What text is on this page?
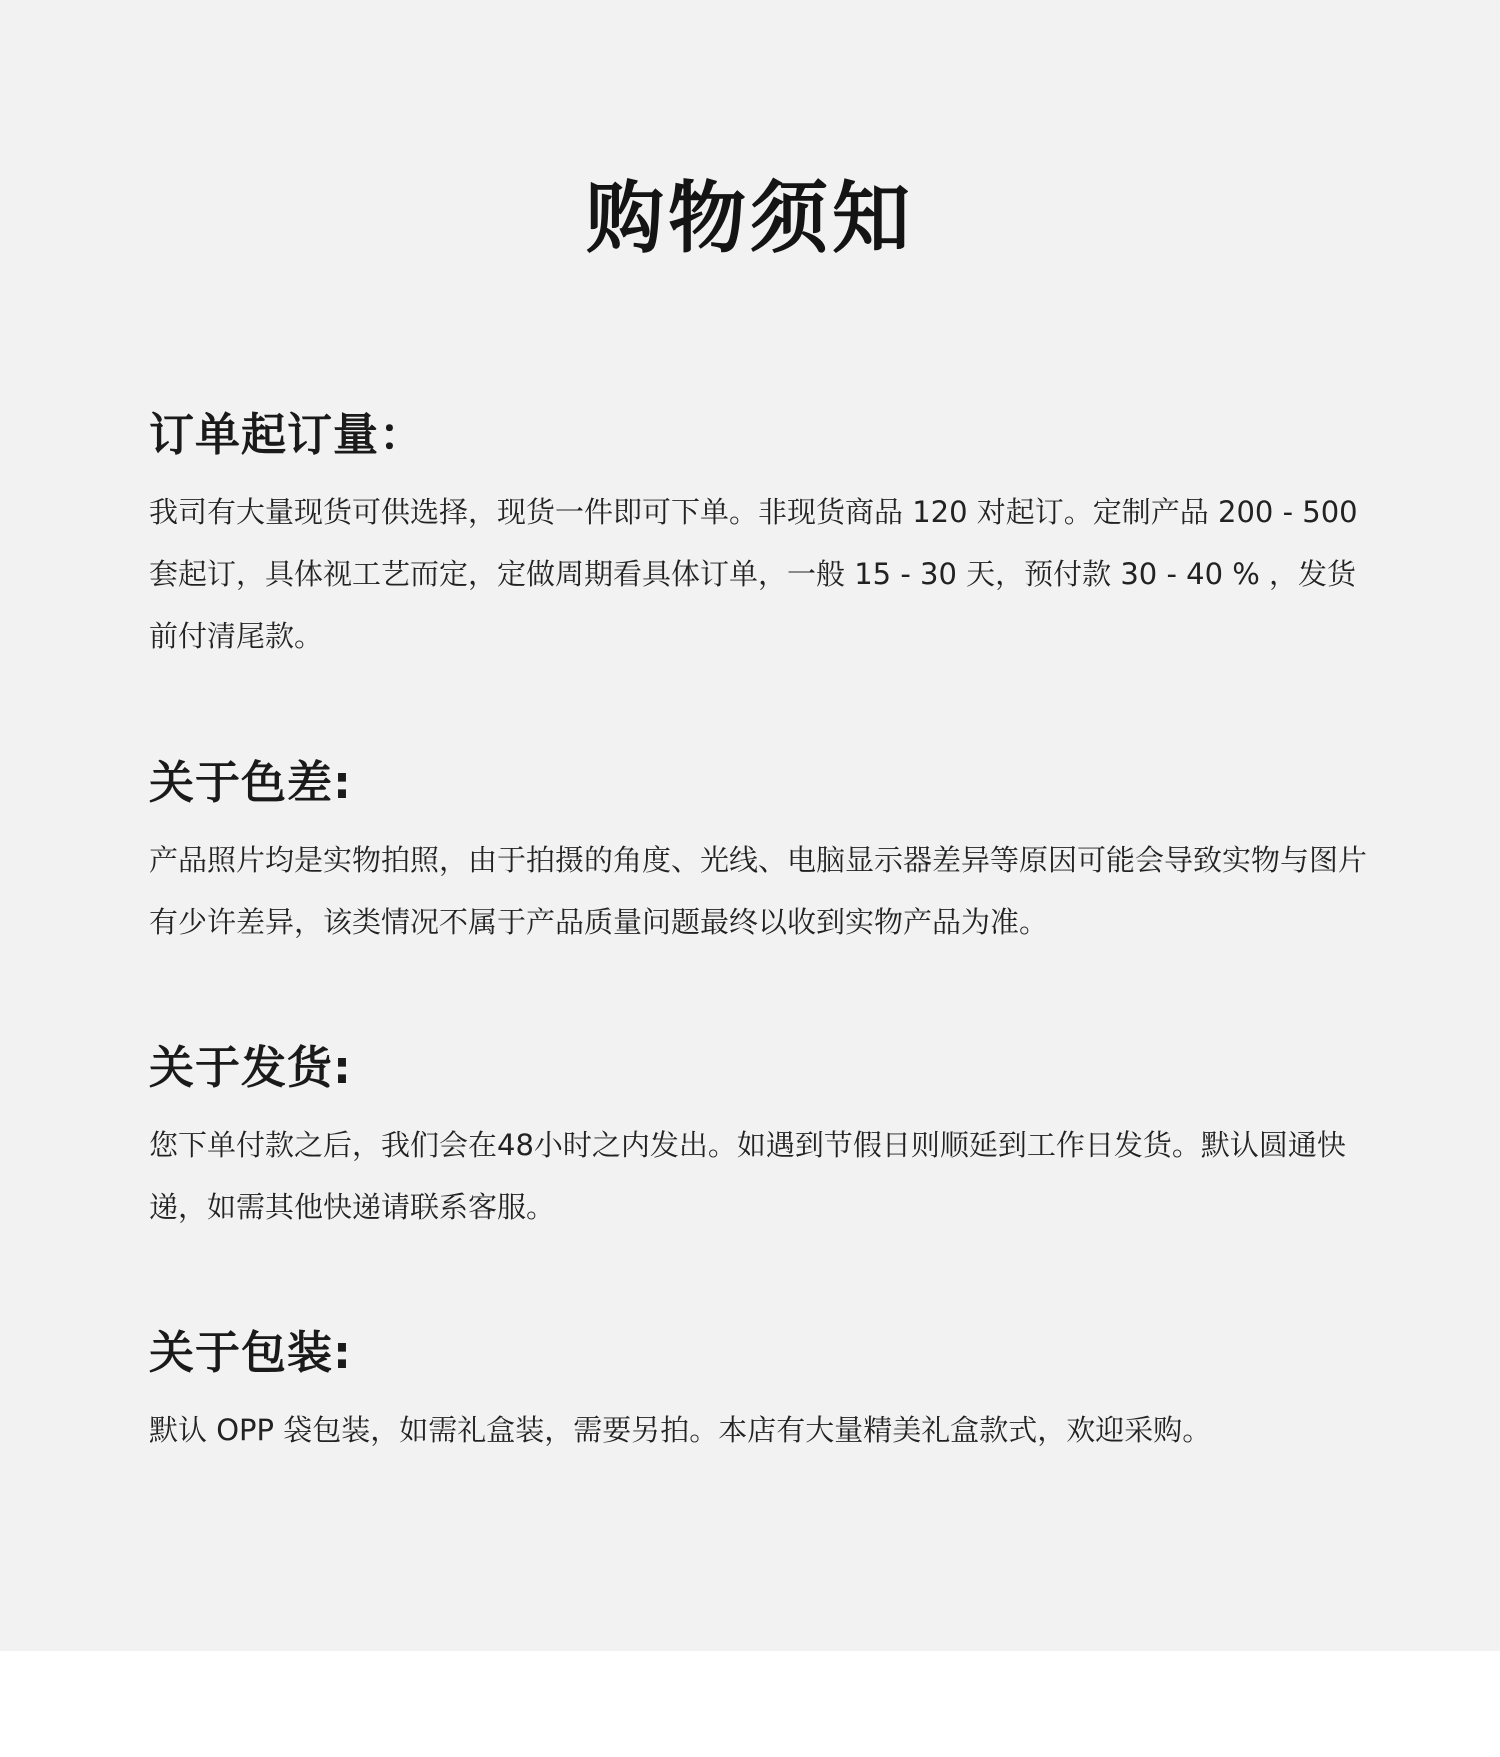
购物须知
订单起订量：

我司有大量现货可供选择，现货一件即可下单。非现货商品 120 对起订。定制产品 200 - 500 套起订，具体视工艺而定，定做周期看具体订单，一般 15 - 30 天，预付款 30 - 40 % ，发货前付清尾款。

关于色差:

产品照片均是实物拍照，由于拍摄的角度、光线、电脑显示器差异等原因可能会导致实物与图片有少许差异，该类情况不属于产品质量问题最终以收到实物产品为准。

关于发货:

您下单付款之后，我们会在48小时之内发出。如遇到节假日则顺延到工作日发货。默认圆通快递，如需其他快递请联系客服。

关于包装:

默认 OPP 袋包装，如需礼盒装，需要另拍。本店有大量精美礼盒款式，欢迎采购。
